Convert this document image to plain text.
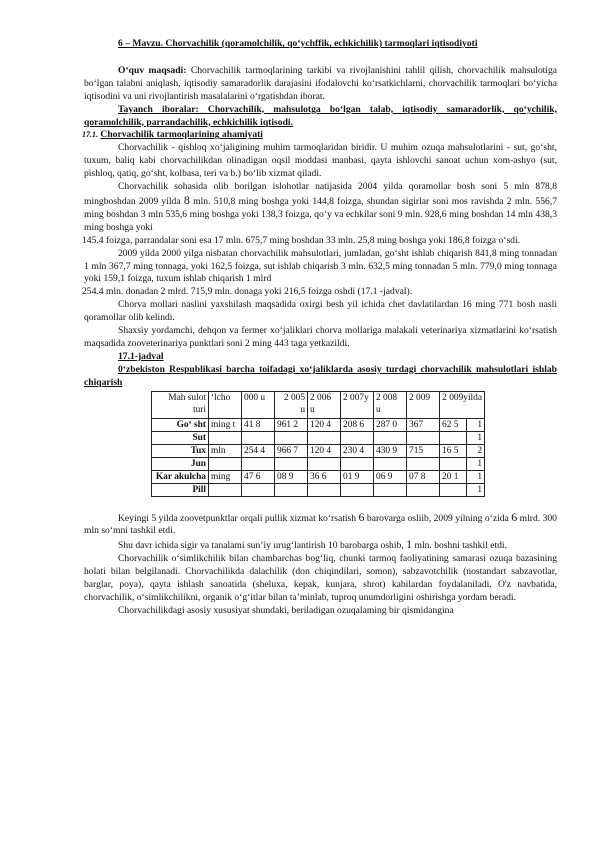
6 – Mavzu. Chorvachilik (qoramolchilik, qo‘ychffik, echkichilik) tarmoqlari iqtisodiyoti

O‘quv maqsadi: Chorvachilik tarmoqlarining tarkibi va rivojlanishini tahlil qilish, chorvachilik mahsulotiga bo‘lgan talabni aniqlash, iqtisodiy samaradorlik darajasini ifodalovchi ko‘rsatkichlarni, chorvachilik tarmoqlari bo‘yicha iqtisodini va uni rivojlantirish masalalarini o‘rgatishdan iborat.

Tayanch iboralar: Chorvachilik, mahsulotga bo‘lgan talab, iqtisodiy samaradorlik, qo‘ychilik, qoramolchilik, parrandachilik, echkichilik iqtisodi.

17.1. Chorvachilik tarmoqlarining ahamiyati

Chorvachilik - qishloq xo‘jaligining muhim tarmoqlaridan biridir. U muhim ozuqa mahsulotlarini - sut, go‘sht, tuxum, baliq kabi chorvachilikdan olinadigan oqsil moddasi manbasi, qayta ishlovchi sanoat uchun xom-ashyo (sut, pishloq, qatiq, go‘sht, kolbasa, teri va b.) bo‘lib xizmat qiladi.

Chorvachilik sohasida olib borilgan islohotlar natijasida 2004 yilda qoramollar bosh soni 5 mln 878,8 mingboshdan 2009 yilda 8 mln. 510,8 ming boshga yoki 144,8 foizga, shundan sigirlar soni mos ravishda 2 mln. 556,7 ming boshdan 3 mln 535,6 ming boshga yoki 138,3 foizga, qo‘y va echkilar soni 9 mln. 928,6 ming boshdan 14 mln 438,3 ming boshga yoki

145.4 foizga, parrandalar soni esa 17 mln. 675,7 ming boshdan 33 mln. 25,8 ming boshga yoki 186,8 foizga o‘sdi.

2009 yilda 2000 yilga nisbatan chorvachilik mahsulotlari, jumladan, go‘sht ishlab chiqarish 841,8 ming tonnadan 1 mln 367,7 ming tonnaga, yoki 162,5 foizga, sut ishlab chiqarish 3 mln. 632,5 ming tonnadan 5 mln. 779,0 ming tonnaga yoki 159,1 foizga, tuxum ishlab chiqarish 1 mlrd

254.4 mln. donadan 2 mlrd. 715,9 mln. donaga yoki 216,5 foizga oshdi (17.1 -jadval).

Chorva mollari naslini yaxshilash maqsadida oxirgi besh yil ichida chet davlatilardan 16 ming 771 bosh nasli qoramollar olib kelindi.

Shaxsiy yordamchi, dehqon va fermer xo‘jaliklari chorva mollariga malakali veterinariya xizmatlarini ko‘rsatish maqsadida zooveterinariya punktlari soni 2 ming 443 taga yetkazildi.

17.1-jadval

0‘zbekiston Respublikasi barcha toifadagi xo‘jaliklarda asosiy turdagi chorvachilik mahsulotlari ishlab chiqarish

Mah sulot turi	‘lcho	000 u	2 005 u	2 006 u	2 007y	2 008 u	2 009	2 009yilda	

Go‘ sht	ming t	41 8	961 2	120 4	208 6	287 0	367	62 5	1

Sut									1

Tux	mln	254 4	966 7	120 4	230 4	430 9	715	16 5	2

Jun									1

Kar akulcha	ming	47 6	08 9	36 6	01 9	06 9	07 8	20 1	1

Pill									1

Keyingi 5 yilda zoovetpunktlar orqali pullik xizmat ko‘rsatish 6 barovarga osliib, 2009 yilning o‘zida 6 mlrd. 300 mln so‘mni tashkil etdi.

Shu davr ichida sigir va tanalami sun’iy urug‘lantirish 10 barobarga oshib, 1 mln. boshni tashkil etdi.

Chorvachilik o‘simlikchilik bilan chambarchas bog‘liq, chunki tarmoq faoliyatining samarasi ozuqa bazasining holati bilan belgilanadi. Chorvachilikda dalachilik (don chiqindilari, somon), sabzavotchilik (nostandart sabzavotlar, barglar, poya), qayta ishlash sanoatida (sheluxa, kepak, kunjara, shrot) kabilardan foydalaniladi. O'z navbatida, chorvachilik, o‘simlikchilikni, organik o‘g‘itlar bilan ta’minlab, tuproq unumdorligini oshirishga yordam beradi.

Chorvachilikdagi asosiy xususiyat shundaki, beriladigan ozuqalaming bir qismidangina
